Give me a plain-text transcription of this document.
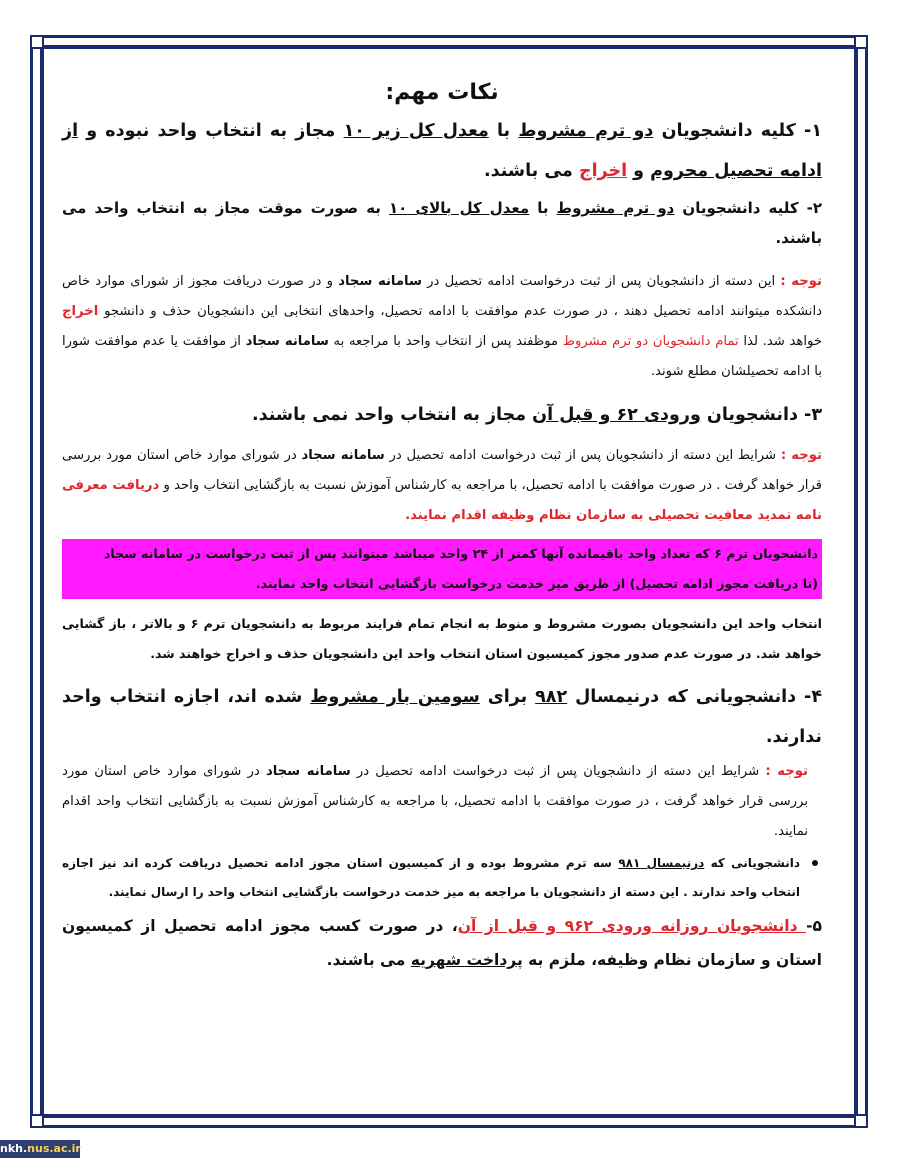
نکات مهم:

۱- کلیه دانشجویان دو ترم مشروط با معدل کل زیر ۱۰ مجاز به انتخاب واحد نبوده و از ادامه تحصیل محروم و اخراج می باشند.

۲- کلیه دانشجویان دو ترم مشروط با معدل کل بالای ۱۰ به صورت موقت مجاز به انتخاب واحد می باشند.

توجه : این دسته از دانشجویان پس از ثبت درخواست ادامه تحصیل در سامانه سجاد و در صورت دریافت مجوز از شورای موارد خاص دانشکده میتوانند ادامه تحصیل دهند ، در صورت عدم موافقت با ادامه تحصیل، واحدهای انتخابی این دانشجویان حذف و دانشجو اخراج خواهد شد. لذا تمام دانشجویان دو ترم مشروط موظفند پس از انتخاب واحد با مراجعه به سامانه سجاد از موافقت یا عدم موافقت شورا با ادامه تحصیلشان مطلع شوند.

۳- دانشجویان ورودی ۶۲ و قبل آن مجاز به انتخاب واحد نمی باشند.

توجه : شرایط این دسته از دانشجویان پس از ثبت درخواست ادامه تحصیل در سامانه سجاد در شورای موارد خاص استان مورد بررسی قرار خواهد گرفت . در صورت موافقت با ادامه تحصیل، با مراجعه به کارشناس آموزش نسبت به بازگشایی انتخاب واحد و دریافت معرفی نامه تمدید معافیت تحصیلی به سازمان نظام وظیفه اقدام نمایند.

دانشجویان ترم ۶ که تعداد واحد باقیمانده آنها کمتر از ۲۴ واحد میباشد میتوانند پس از ثبت درخواست در سامانه سجاد
(تا دریافت مجوز ادامه تحصیل) از طریق میز خدمت درخواست بازگشایی انتخاب واحد نمایند.

انتخاب واحد این دانشجویان بصورت مشروط و منوط به انجام تمام فرایند مربوط به دانشجویان ترم ۶ و بالاتر ، باز گشایی خواهد شد. در صورت عدم صدور مجوز کمیسیون استان انتخاب واحد این دانشجویان حذف و اخراج خواهند شد.

۴- دانشجویانی که درنیمسال ۹۸۲ برای سومین بار مشروط شده اند، اجازه انتخاب واحد ندارند.

توجه : شرایط این دسته از دانشجویان پس از ثبت درخواست ادامه تحصیل در سامانه سجاد در شورای موارد خاص استان مورد بررسی قرار خواهد گرفت ، در صورت موافقت با ادامه تحصیل، با مراجعه به کارشناس آموزش نسبت به بازگشایی انتخاب واحد اقدام نمایند.

دانشجویانی که درنیمسال ۹۸۱ سه ترم مشروط بوده و از کمیسیون استان مجوز ادامه تحصیل دریافت کرده اند نیز اجازه انتخاب واحد ندارند . این دسته از دانشجویان با مراجعه به میز خدمت درخواست بازگشایی انتخاب واحد را ارسال نمایند.

۵- دانشجویان روزانه ورودی ۹۶۲ و قبل از آن، در صورت کسب مجوز ادامه تحصیل از کمیسیون استان و سازمان نظام وظیفه، ملزم به پرداخت شهریه می باشند.

nkh.nus.ac.ir
